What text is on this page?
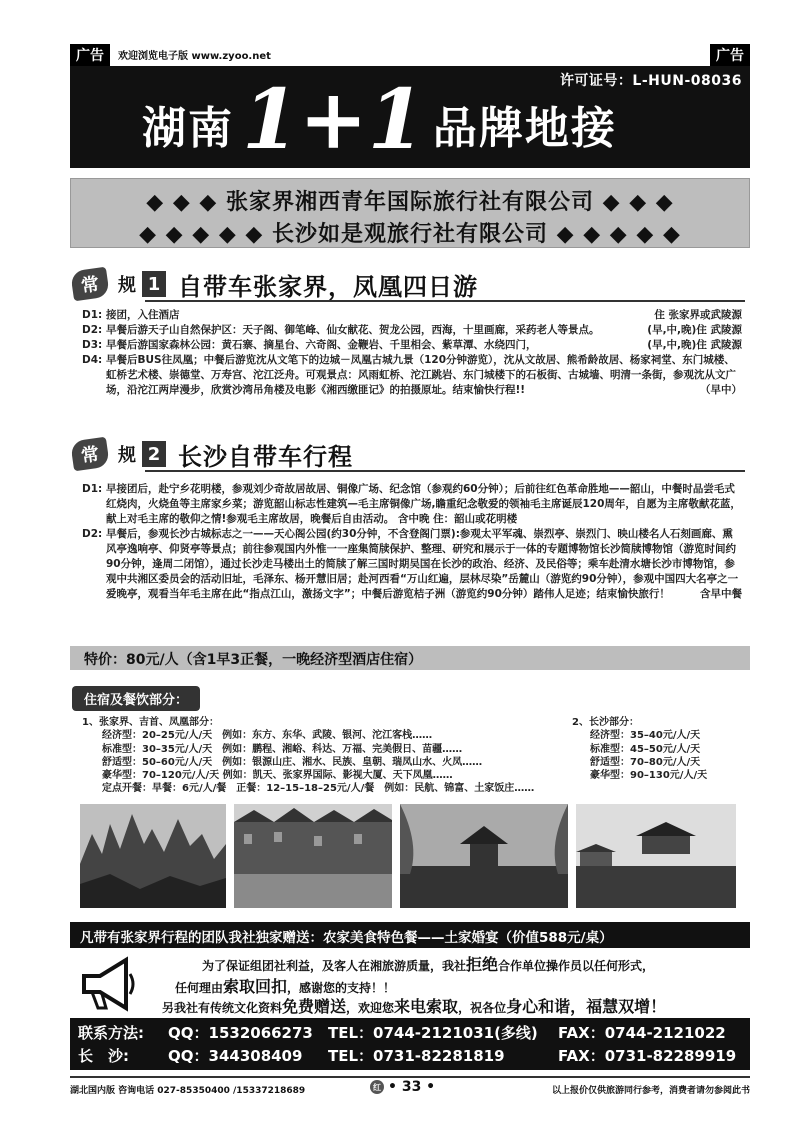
广告	欢迎浏览电子版 www.zyoo.net	广告
许可证号：L-HUN-08036
湖南 1+1 品牌地接
◆ ◆ ◆ 张家界湘西青年国际旅行社有限公司 ◆ ◆ ◆
◆ ◆ ◆ ◆ ◆ 长沙如是观旅行社有限公司 ◆ ◆ ◆ ◆ ◆
常 规 1 自带车张家界，凤凰四日游
D1: 接团，入住酒店	住 张家界或武陵源
D2: 早餐后游天子山自然保护区：天子阁、御笔峰、仙女献花、贺龙公园，西海，十里画廊，采药老人等景点。	(早,中,晚)住 武陵源
D3: 早餐后游国家森林公园：黄石寨、摘星台、六奇阁、金鞭岩、千里相会、紫草潭、水绕四门，	(早,中,晚)住 武陵源
D4: 早餐后BUS往凤凰；中餐后游览沈从文笔下的边城－凤凰古城九景（120分钟游览），沈从文故居、熊希龄故居、杨家祠堂、东门城楼、虹桥艺术楼、崇德堂、万寿宫、沱江泛舟。可观景点：风雨虹桥、沱江跳岩、东门城楼下的石板街、古城墙、明清一条街，参观沈从文广场，沿沱江两岸漫步，欣赏沙湾吊角楼及电影《湘西缴匪记》的拍摄原址。结束愉快行程!!	（早中）
常 规 2 长沙自带车行程
D1: 早接团后，赴宁乡花明楼，参观刘少奇故居故居、铜像广场、纪念馆（参观约60分钟）；后前往红色革命胜地——韶山，中餐时品尝毛式红烧肉，火烧鱼等主席家乡菜；游览韶山标志性建筑—毛主席铜像广场,瞻重纪念敬爱的领袖毛主席诞辰120周年，自愿为主席敬献花蓝，献上对毛主席的敬仰之情!参观毛主席故居，晚餐后自由活动。 含中晚 住：韶山或花明楼
D2: 早餐后，参观长沙古城标志之一——天心阁公园(约30分钟，不含登阁门票):参观太平军魂、崇烈亭、崇烈门、映山楼名人石刻画廊、熏风亭逸响亭、仰贤亭等景点；前往参观国内外惟一一座集简牍保护、整理、研究和展示于一体的专题博物馆长沙简牍博物馆（游览时间约90分钟，逢周二闭馆），通过长沙走马楼出土的简牍了解三国时期吴国在长沙的政治、经济、及民俗等；乘车赴清水塘长沙市博物馆，参观中共湘区委员会的活动旧址，毛泽东、杨开慧旧居；赴河西看“万山红遍，层林尽染”岳麓山（游览约90分钟），参观中国四大名亭之一爱晚亭，观看当年毛主席在此“指点江山，激扬文字”；中餐后游览桔子洲（游览约90分钟）踏伟人足迹；结束愉快旅行！	含早中餐
特价：80元/人（含1早3正餐，一晚经济型酒店住宿）
住宿及餐饮部分：
1、张家界、吉首、凤凰部分：
经济型：20–25元/人/天　例如：东方、东华、武陵、银河、沱江客栈……
标准型：30–35元/人/天　例如：鹏程、湘峪、科达、万福、完美假日、苗疆……
舒适型：50–60元/人/天　例如：银源山庄、湘水、民族、皇朝、瑞凤山水、火凤……
豪华型：70–120元/人/天 例如：凯天、张家界国际、影视大厦、天下凤凰……
定点开餐：早餐：6元/人/餐　正餐：12–15–18–25元/人/餐　例如：民航、锦富、土家饭庄……
2、长沙部分：
经济型：35–40元/人/天
标准型：45–50元/人/天
舒适型：70–80元/人/天
豪华型：90–130元/人/天
凡带有张家界行程的团队我社独家赠送：农家美食特色餐——土家婚宴（价值588元/桌）
为了保证组团社利益，及客人在湘旅游质量，我社拒绝合作单位操作员以任何形式，
任何理由索取回扣，感谢您的支持！！
另我社有传统文化资料免费赠送，欢迎您来电索取，祝各位身心和谐，福慧双增！
联系方法: QQ：1532066273 TEL：0744-2121031(多线) FAX：0744-2121022
长　沙:	QQ：344308409 TEL：0731-82281819	FAX：0731-82289919
湖北国内版 咨询电话 027-85350400 /15337218689	红 • 33 •	以上报价仅供旅游同行参考，消费者请勿参阅此书
